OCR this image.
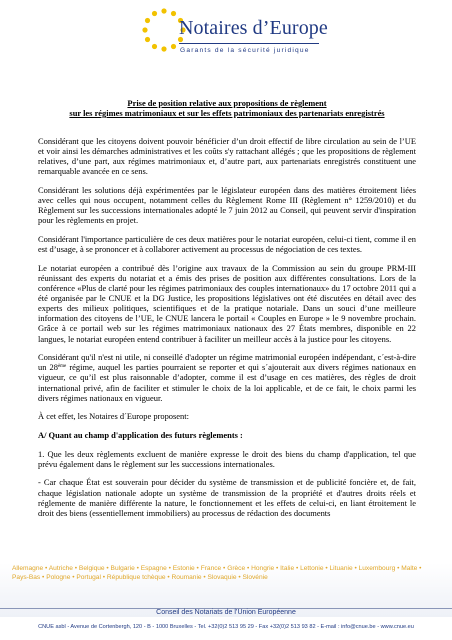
Notaires d’Europe
Garants de la sécurité juridique

Prise de position relative aux propositions de règlement

sur les régimes matrimoniaux et sur les effets patrimoniaux des partenariats enregistrés

Considérant que les citoyens doivent pouvoir bénéficier d’un droit effectif de libre circulation au sein de l’UE et voir ainsi les démarches administratives et les coûts s'y rattachant allégés ; que les propositions de règlement relatives, d’une part, aux régimes matrimoniaux et, d’autre part, aux partenariats enregistrés constituent une remarquable avancée en ce sens.

Considérant les solutions déjà expérimentées par le législateur européen dans des matières étroitement liées avec celles qui nous occupent, notamment celles du Règlement Rome III (Règlement n° 1259/2010) et du Règlement sur les successions internationales adopté le 7 juin 2012 au Conseil, qui peuvent servir d'inspiration pour les règlements en projet.

Considérant l'importance particulière de ces deux matières pour le notariat européen, celui-ci tient, comme il en est d’usage, à se prononcer et à collaborer activement au processus de négociation de ces textes.

Le notariat européen a contribué dès l’origine aux travaux de la Commission au sein du groupe PRM-III réunissant des experts du notariat et a émis des prises de position aux différentes consultations. Lors de la conférence «Plus de clarté pour les régimes patrimoniaux des couples internationaux» du 17 octobre 2011 qui a été organisée par le CNUE et la DG Justice, les propositions législatives ont été discutées en détail avec des experts des milieux politiques, scientifiques et de la pratique notariale. Dans un souci d’une meilleure information des citoyens de l’UE, le CNUE lancera le portail « Couples en Europe » le 9 novembre prochain. Grâce à ce portail web sur les régimes matrimoniaux nationaux des 27 États membres, disponible en 22 langues, le notariat européen entend contribuer à faciliter un meilleur accès à la justice pour les citoyens.

Considérant qu'il n'est ni utile, ni conseillé d'adopter un régime matrimonial européen indépendant, c´est-à-dire un 28ème régime, auquel les parties pourraient se reporter et qui s´ajouterait aux divers régimes nationaux en vigueur, ce qu’il est plus raisonnable d’adopter, comme il est d’usage en ces matières, des règles de droit international privé, afin de faciliter et stimuler le choix de la loi applicable, et de ce fait, le choix parmi les divers régimes nationaux en vigueur.

À cet effet, les Notaires d´Europe proposent:

A/ Quant au champ d'application des futurs règlements :

1. Que les deux règlements excluent de manière expresse le droit des biens du champ d'application, tel que prévu également dans le règlement sur les successions internationales.

- Car chaque État est souverain pour décider du système de transmission et de publicité foncière et, de fait, chaque législation nationale adopte un système de transmission de la propriété et d'autres droits réels et réglemente de manière différente la nature, le fonctionnement et les effets de celui-ci, en liant étroitement le droit des biens (essentiellement immobiliers) au processus de rédaction des documents

Allemagne • Autriche • Belgique • Bulgarie • Espagne • Estonie • France • Grèce • Hongrie • Italie • Lettonie • Lituanie • Luxembourg • Malte • Pays-Bas • Pologne • Portugal • République tchèque • Roumanie • Slovaquie • Slovénie

Conseil des Notariats de l’Union Européenne
CNUE asbl - Avenue de Cortenbergh, 120 - B - 1000 Bruxelles - Tel. +32(0)2 513 95 29 - Fax +32(0)2 513 93 82 - E-mail : info@cnue.be - www.cnue.eu
